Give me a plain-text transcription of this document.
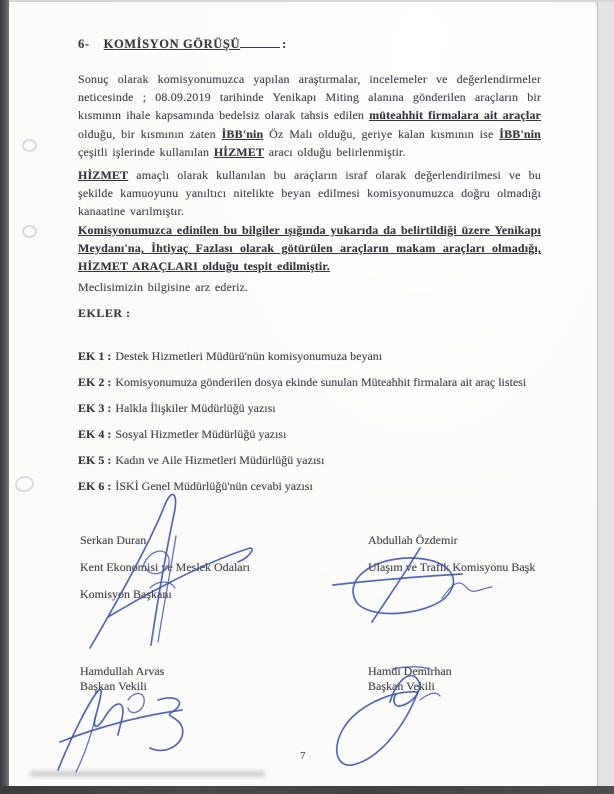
6- KOMİSYON GÖRÜŞÜ	:

Sonuç olarak komisyonumuzca yapılan araştırmalar, incelemeler ve değerlendirmeler neticesinde ; 08.09.2019 tarihinde Yenikapı Miting alanına gönderilen araçların bir kısmının ihale kapsamında bedelsiz olarak tahsis edilen müteahhit firmalara ait araçlar olduğu, bir kısmının zaten İBB'nin Öz Malı olduğu, geriye kalan kısmının ise İBB'nin çeşitli işlerinde kullanılan HİZMET aracı olduğu belirlenmiştir.

HİZMET amaçlı olarak kullanılan bu araçların israf olarak değerlendirilmesi ve bu şekilde kamuoyunu yanıltıcı nitelikte beyan edilmesi komisyonumuzca doğru olmadığı kanaatine varılmıştır.

Komisyonumuzca edinilen bu bilgiler ışığında yukarıda da belirtildiği üzere Yenikapı Meydanı'na, İhtiyaç Fazlası olarak götürülen araçların makam araçları olmadığı, HİZMET ARAÇLARI olduğu tespit edilmiştir.

Meclisimizin bilgisine arz ederiz.

EKLER :
EK 1 : Destek Hizmetleri Müdürü'nün komisyonumuza beyanı
EK 2 : Komisyonumuza gönderilen dosya ekinde sunulan Müteahhit firmalara ait araç listesi
EK 3 : Halkla İlişkiler Müdürlüğü yazısı
EK 4 : Sosyal Hizmetler Müdürlüğü yazısı
EK 5 : Kadın ve Aile Hizmetleri Müdürlüğü yazısı
EK 6 : İSKİ Genel Müdürlüğü'nün cevabi yazısı
Serkan Duran
Kent Ekonomisi ve Meslek Odaları
Komisyon Başkanı
Abdullah Özdemir
Ulaşım ve Trafik Komisyonu Başk
Hamdullah Arvas
Başkan Vekili
Hamdi Demirhan
Başkan Vekili
7
